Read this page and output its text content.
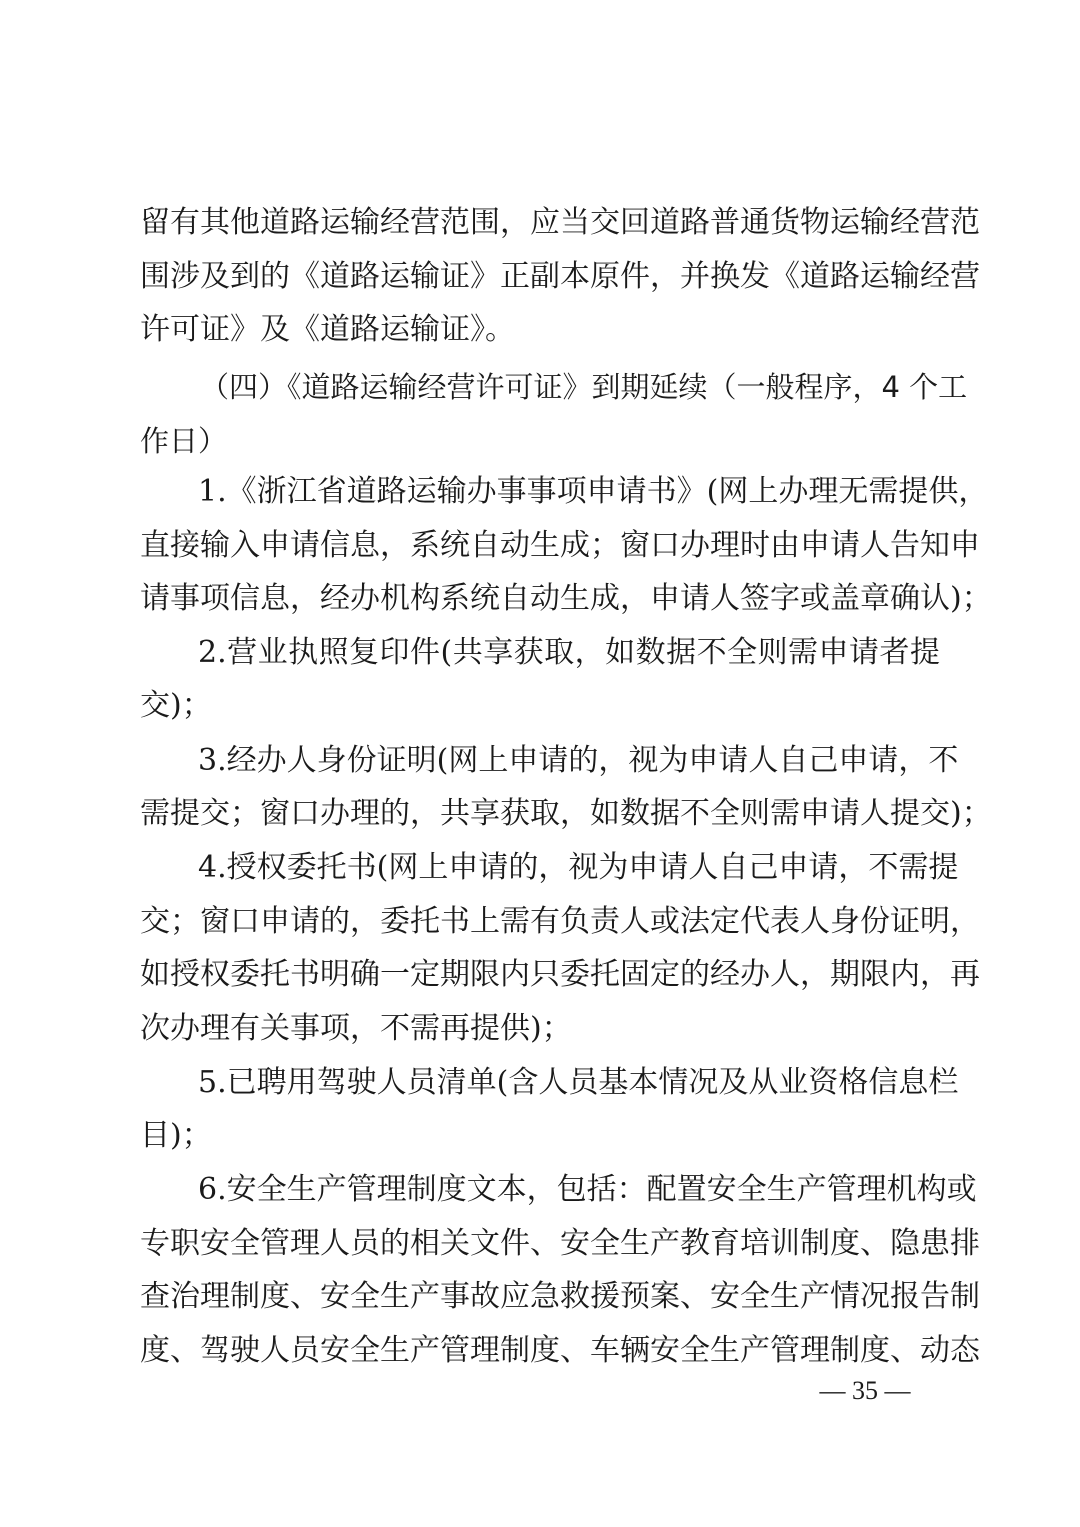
留有其他道路运输经营范围，应当交回道路普通货物运输经营范
围涉及到的《道路运输证》正副本原件，并换发《道路运输经营
许可证》及《道路运输证》。
（四）《道路运输经营许可证》到期延续（一般程序，4 个工
作日）
1.《浙江省道路运输办事事项申请书》(网上办理无需提供，
直接输入申请信息，系统自动生成；窗口办理时由申请人告知申
请事项信息，经办机构系统自动生成，申请人签字或盖章确认)；
2.营业执照复印件(共享获取，如数据不全则需申请者提
交)；
3.经办人身份证明(网上申请的，视为申请人自己申请，不
需提交；窗口办理的，共享获取，如数据不全则需申请人提交)；
4.授权委托书(网上申请的，视为申请人自己申请，不需提
交；窗口申请的，委托书上需有负责人或法定代表人身份证明，
如授权委托书明确一定期限内只委托固定的经办人，期限内，再
次办理有关事项，不需再提供)；
5.已聘用驾驶人员清单(含人员基本情况及从业资格信息栏
目)；
6.安全生产管理制度文本，包括：配置安全生产管理机构或
专职安全管理人员的相关文件、安全生产教育培训制度、隐患排
查治理制度、安全生产事故应急救援预案、安全生产情况报告制
度、驾驶人员安全生产管理制度、车辆安全生产管理制度、动态
— 35 —
